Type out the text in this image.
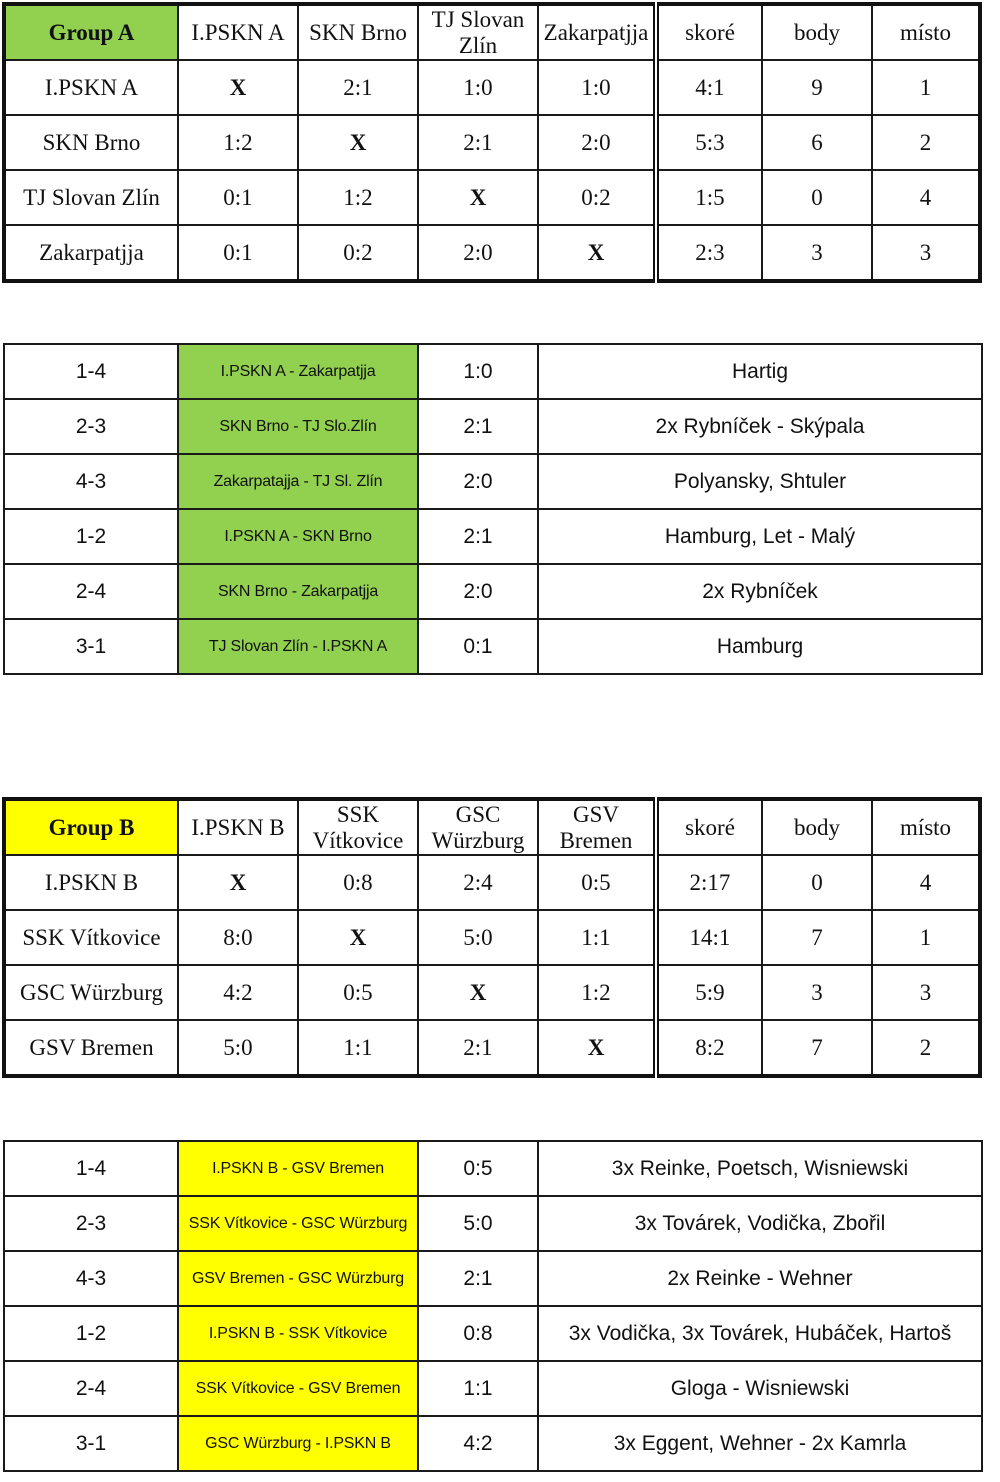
Group A	I.PSKN A	SKN Brno	TJ Slovan Zlín	Zakarpatjja	skoré	body	místo
I.PSKN A	X	2:1	1:0	1:0	4:1	9	1
SKN Brno	1:2	X	2:1	2:0	5:3	6	2
TJ Slovan Zlín	0:1	1:2	X	0:2	1:5	0	4
Zakarpatjja	0:1	0:2	2:0	X	2:3	3	3
1-4	I.PSKN A - Zakarpatjja	1:0	Hartig
2-3	SKN Brno - TJ Slo.Zlín	2:1	2x Rybníček - Skýpala
4-3	Zakarpatajja - TJ Sl. Zlín	2:0	Polyansky, Shtuler
1-2	I.PSKN A - SKN Brno	2:1	Hamburg, Let - Malý
2-4	SKN Brno - Zakarpatjja	2:0	2x Rybníček
3-1	TJ Slovan Zlín - I.PSKN A	0:1	Hamburg
Group B	I.PSKN B	SSK Vítkovice	GSC Würzburg	GSV Bremen	skoré	body	místo
I.PSKN B	X	0:8	2:4	0:5	2:17	0	4
SSK Vítkovice	8:0	X	5:0	1:1	14:1	7	1
GSC Würzburg	4:2	0:5	X	1:2	5:9	3	3
GSV Bremen	5:0	1:1	2:1	X	8:2	7	2
1-4	I.PSKN B - GSV Bremen	0:5	3x Reinke, Poetsch, Wisniewski
2-3	SSK Vítkovice - GSC Würzburg	5:0	3x Továrek, Vodička, Zbořil
4-3	GSV Bremen - GSC Würzburg	2:1	2x Reinke - Wehner
1-2	I.PSKN B - SSK Vítkovice	0:8	3x Vodička, 3x Továrek, Hubáček, Hartoš
2-4	SSK Vítkovice - GSV Bremen	1:1	Gloga - Wisniewski
3-1	GSC Würzburg - I.PSKN B	4:2	3x Eggent, Wehner - 2x Kamrla
